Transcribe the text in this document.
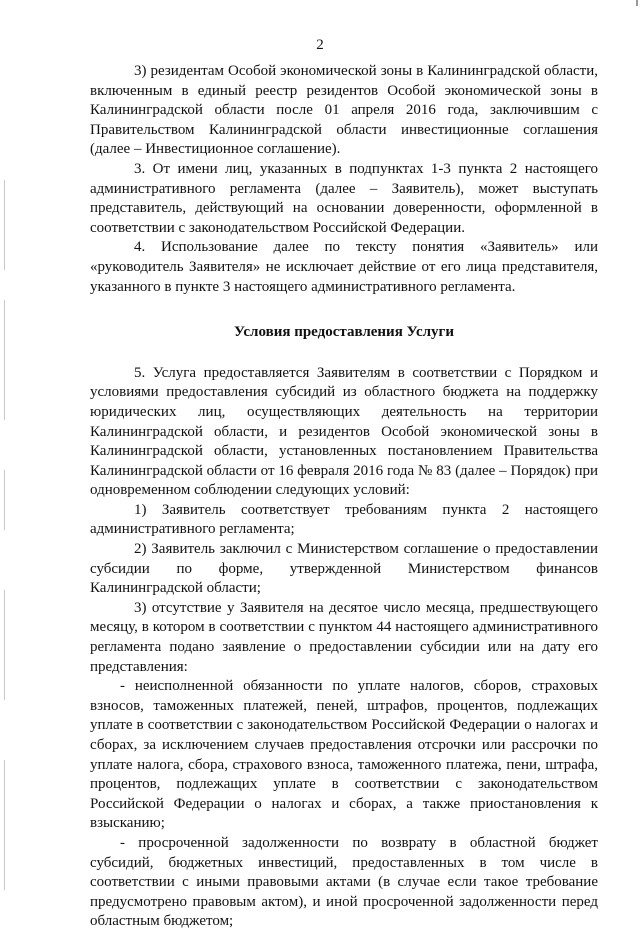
2

3) резидентам Особой экономической зоны в Калининградской области, включенным в единый реестр резидентов Особой экономической зоны в Калининградской области после 01 апреля 2016 года, заключившим с Правительством Калининградской области инвестиционные соглашения (далее – Инвестиционное соглашение).

3. От имени лиц, указанных в подпунктах 1-3 пункта 2 настоящего административного регламента (далее – Заявитель), может выступать представитель, действующий на основании доверенности, оформленной в соответствии с законодательством Российской Федерации.

4. Использование далее по тексту понятия «Заявитель» или «руководитель Заявителя» не исключает действие от его лица представителя, указанного в пункте 3 настоящего административного регламента.

Условия предоставления Услуги

5. Услуга предоставляется Заявителям в соответствии с Порядком и условиями предоставления субсидий из областного бюджета на поддержку юридических лиц, осуществляющих деятельность на территории Калининградской области, и резидентов Особой экономической зоны в Калининградской области, установленных постановлением Правительства Калининградской области от 16 февраля 2016 года № 83 (далее – Порядок) при одновременном соблюдении следующих условий:

1) Заявитель соответствует требованиям пункта 2 настоящего административного регламента;

2) Заявитель заключил с Министерством соглашение о предоставлении субсидии по форме, утвержденной Министерством финансов Калининградской области;

3) отсутствие у Заявителя на десятое число месяца, предшествующего месяцу, в котором в соответствии с пунктом 44 настоящего административного регламента подано заявление о предоставлении субсидии или на дату его представления:

- неисполненной обязанности по уплате налогов, сборов, страховых взносов, таможенных платежей, пеней, штрафов, процентов, подлежащих уплате в соответствии с законодательством Российской Федерации о налогах и сборах, за исключением случаев предоставления отсрочки или рассрочки по уплате налога, сбора, страхового взноса, таможенного платежа, пени, штрафа, процентов, подлежащих уплате в соответствии с законодательством Российской Федерации о налогах и сборах, а также приостановления к взысканию;

- просроченной задолженности по возврату в областной бюджет субсидий, бюджетных инвестиций, предоставленных в том числе в соответствии с иными правовыми актами (в случае если такое требование предусмотрено правовым актом), и иной просроченной задолженности перед областным бюджетом;
